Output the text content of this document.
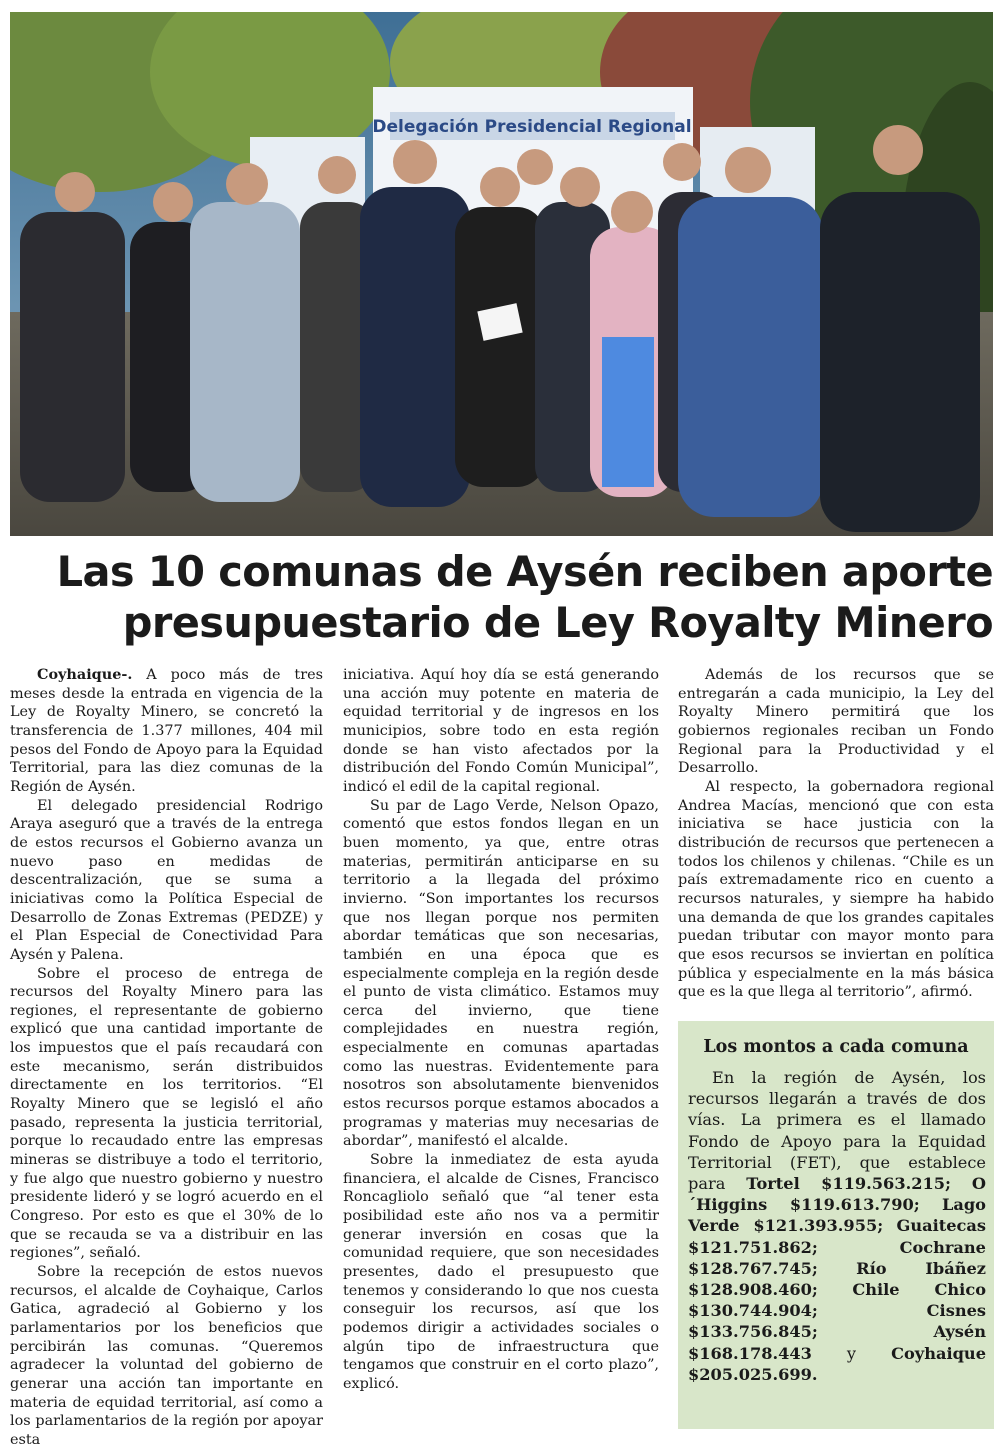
Delegación Presidencial Regional
Las 10 comunas de Aysén reciben aporte
presupuestario de Ley Royalty Minero

Coyhaique-. A poco más de tres meses desde la entrada en vigencia de la Ley de Royalty Minero, se concretó la transferencia de 1.377 millones, 404 mil pesos del Fondo de Apoyo para la Equidad Territorial, para las diez comunas de la Región de Aysén.

El delegado presidencial Rodrigo Araya aseguró que a través de la entrega de estos recursos el Gobierno avanza un nuevo paso en medidas de descentralización, que se suma a iniciativas como la Política Especial de Desarrollo de Zonas Extremas (PEDZE) y el Plan Especial de Conectividad Para Aysén y Palena.

Sobre el proceso de entrega de recursos del Royalty Minero para las regiones, el representante de gobierno explicó que una cantidad importante de los impuestos que el país recaudará con este mecanismo, serán distribuidos directamente en los territorios. “El Royalty Minero que se legisló el año pasado, representa la justicia territorial, porque lo recaudado entre las empresas mineras se distribuye a todo el territorio, y fue algo que nuestro gobierno y nuestro presidente lideró y se logró acuerdo en el Congreso. Por esto es que el 30% de lo que se recauda se va a distribuir en las regiones”, señaló.

Sobre la recepción de estos nuevos recursos, el alcalde de Coyhaique, Carlos Gatica, agradeció al Gobierno y los parlamentarios por los beneficios que percibirán las comunas. “Queremos agradecer la voluntad del gobierno de generar una acción tan importante en materia de equidad territorial, así como a los parlamentarios de la región por apoyar esta

iniciativa. Aquí hoy día se está generando una acción muy potente en materia de equidad territorial y de ingresos en los municipios, sobre todo en esta región donde se han visto afectados por la distribución del Fondo Común Municipal”, indicó el edil de la capital regional.

Su par de Lago Verde, Nelson Opazo, comentó que estos fondos llegan en un buen momento, ya que, entre otras materias, permitirán anticiparse en su territorio a la llegada del próximo invierno. “Son importantes los recursos que nos llegan porque nos permiten abordar temáticas que son necesarias, también en una época que es especialmente compleja en la región desde el punto de vista climático. Estamos muy cerca del invierno, que tiene complejidades en nuestra región, especialmente en comunas apartadas como las nuestras. Evidentemente para nosotros son absolutamente bienvenidos estos recursos porque estamos abocados a programas y materias muy necesarias de abordar”, manifestó el alcalde.

Sobre la inmediatez de esta ayuda financiera, el alcalde de Cisnes, Francisco Roncagliolo señaló que “al tener esta posibilidad este año nos va a permitir generar inversión en cosas que la comunidad requiere, que son necesidades presentes, dado el presupuesto que tenemos y considerando lo que nos cuesta conseguir los recursos, así que los podemos dirigir a actividades sociales o algún tipo de infraestructura que tengamos que construir en el corto plazo”, explicó.

Además de los recursos que se entregarán a cada municipio, la Ley del Royalty Minero permitirá que los gobiernos regionales reciban un Fondo Regional para la Productividad y el Desarrollo.

Al respecto, la gobernadora regional Andrea Macías, mencionó que con esta iniciativa se hace justicia con la distribución de recursos que pertenecen a todos los chilenos y chilenas. “Chile es un país extremadamente rico en cuento a recursos naturales, y siempre ha habido una demanda de que los grandes capitales puedan tributar con mayor monto para que esos recursos se inviertan en política pública y especialmente en la más básica que es la que llega al territorio”, afirmó.

Los montos a cada comuna

En la región de Aysén, los recursos llegarán a través de dos vías. La primera es el llamado Fondo de Apoyo para la Equidad Territorial (FET), que establece para Tortel $119.563.215; O´Higgins $119.613.790; Lago Verde $121.393.955; Guaitecas $121.751.862;	Cochrane $128.767.745; Río Ibáñez $128.908.460; Chile Chico $130.744.904;	Cisnes $133.756.845;	Aysén $168.178.443 y Coyhaique $205.025.699.
